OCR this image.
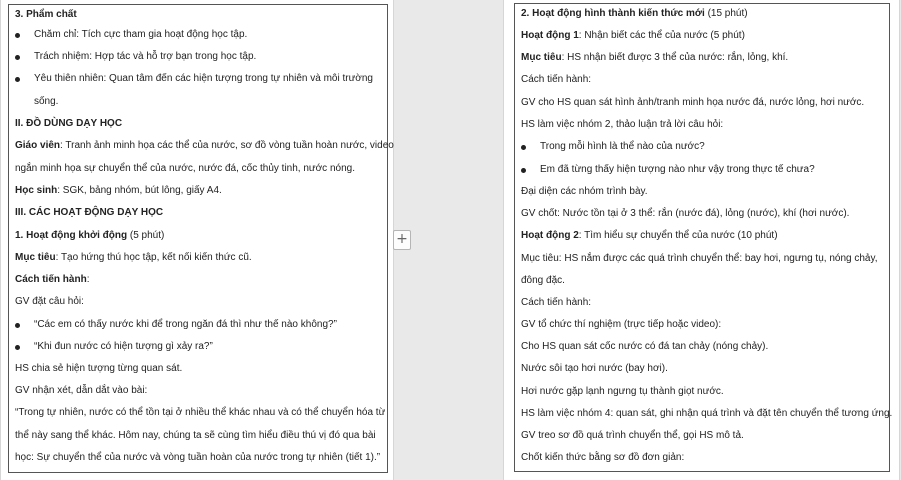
3. Phẩm chất
Chăm chỉ: Tích cực tham gia hoạt động học tập.
Trách nhiệm: Hợp tác và hỗ trợ bạn trong học tập.
Yêu thiên nhiên: Quan tâm đến các hiện tượng trong tự nhiên và môi trường
sống.
II. ĐỒ DÙNG DẠY HỌC
Giáo viên: Tranh ảnh minh họa các thể của nước, sơ đồ vòng tuần hoàn nước, video
ngắn minh họa sự chuyển thể của nước, nước đá, cốc thủy tinh, nước nóng.
Học sinh: SGK, bảng nhóm, bút lông, giấy A4.
III. CÁC HOẠT ĐỘNG DẠY HỌC
1. Hoạt động khởi động (5 phút)
Mục tiêu: Tạo hứng thú học tập, kết nối kiến thức cũ.
Cách tiến hành:
GV đặt câu hỏi:
“Các em có thấy nước khi để trong ngăn đá thì như thế nào không?”
“Khi đun nước có hiện tượng gì xảy ra?”
HS chia sẻ hiện tượng từng quan sát.
GV nhận xét, dẫn dắt vào bài:
“Trong tự nhiên, nước có thể tồn tại ở nhiều thể khác nhau và có thể chuyển hóa từ
thể này sang thể khác. Hôm nay, chúng ta sẽ cùng tìm hiểu điều thú vị đó qua bài
học: Sự chuyển thể của nước và vòng tuần hoàn của nước trong tự nhiên (tiết 1).”
+
2. Hoạt động hình thành kiến thức mới (15 phút)
Hoạt động 1: Nhận biết các thể của nước (5 phút)
Mục tiêu: HS nhận biết được 3 thể của nước: rắn, lỏng, khí.
Cách tiến hành:
GV cho HS quan sát hình ảnh/tranh minh họa nước đá, nước lỏng, hơi nước.
HS làm việc nhóm 2, thảo luận trả lời câu hỏi:
Trong mỗi hình là thể nào của nước?
Em đã từng thấy hiện tượng nào như vậy trong thực tế chưa?
Đại diện các nhóm trình bày.
GV chốt: Nước tồn tại ở 3 thể: rắn (nước đá), lỏng (nước), khí (hơi nước).
Hoạt động 2: Tìm hiểu sự chuyển thể của nước (10 phút)
Mục tiêu: HS nắm được các quá trình chuyển thể: bay hơi, ngưng tụ, nóng chảy,
đông đặc.
Cách tiến hành:
GV tổ chức thí nghiệm (trực tiếp hoặc video):
Cho HS quan sát cốc nước có đá tan chảy (nóng chảy).
Nước sôi tạo hơi nước (bay hơi).
Hơi nước gặp lạnh ngưng tụ thành giọt nước.
HS làm việc nhóm 4: quan sát, ghi nhận quá trình và đặt tên chuyển thể tương ứng.
GV treo sơ đồ quá trình chuyển thể, gọi HS mô tả.
Chốt kiến thức bằng sơ đồ đơn giản:
